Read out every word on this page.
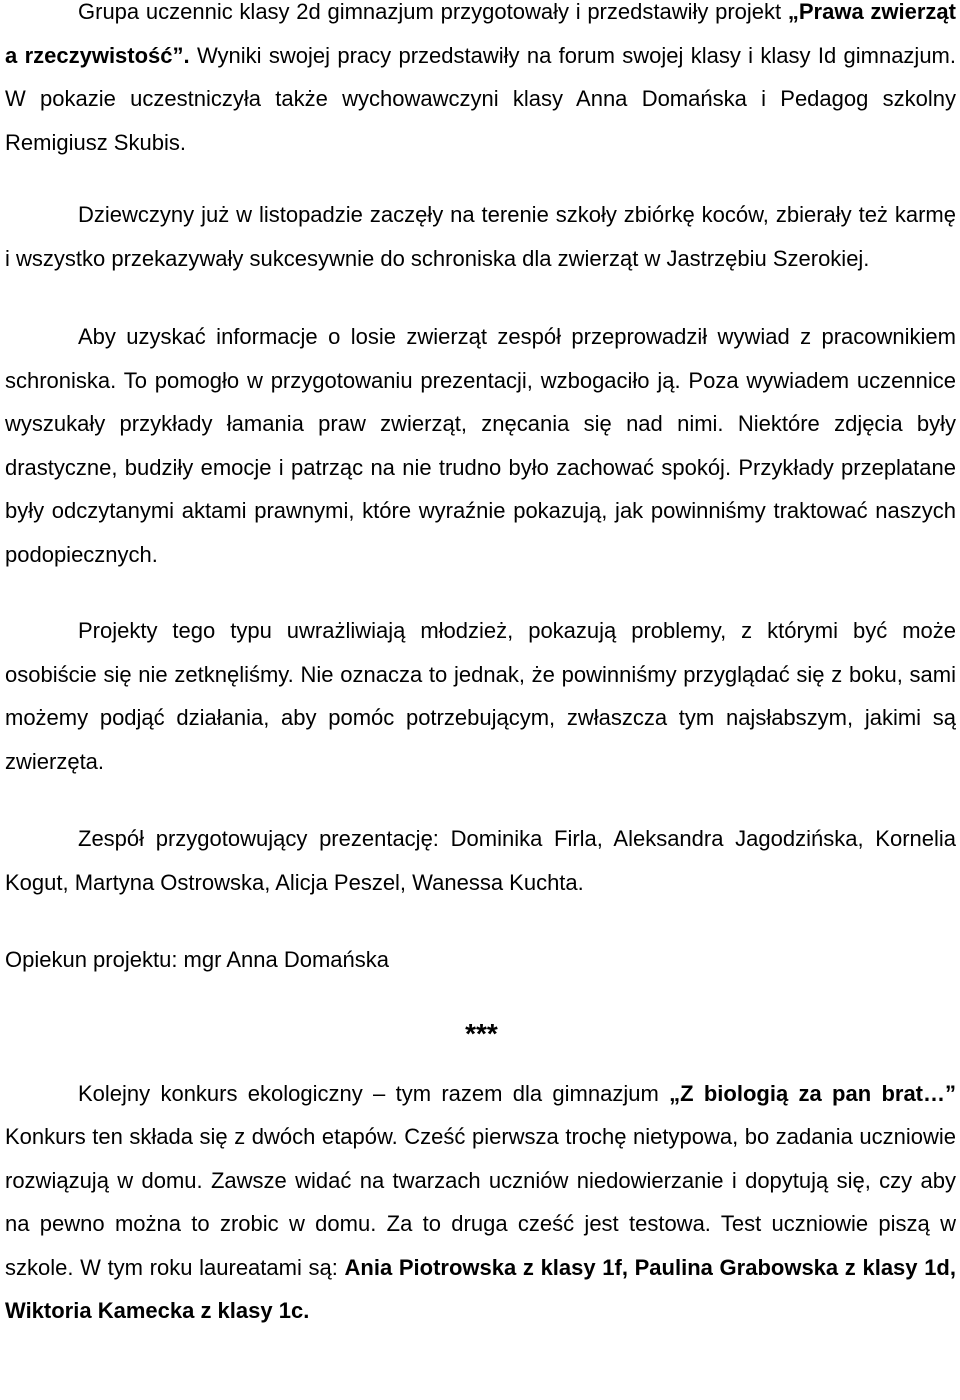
Grupa uczennic klasy 2d gimnazjum przygotowały i przedstawiły projekt „Prawa zwierząt a rzeczywistość”. Wyniki swojej pracy przedstawiły na forum swojej klasy i klasy Id gimnazjum. W pokazie uczestniczyła także wychowawczyni klasy Anna Domańska i Pedagog szkolny Remigiusz Skubis.

Dziewczyny już w listopadzie zaczęły na terenie szkoły zbiórkę koców, zbierały też karmę i wszystko przekazywały sukcesywnie do schroniska dla zwierząt w Jastrzębiu Szerokiej.

Aby uzyskać informacje o losie zwierząt zespół przeprowadził wywiad z pracownikiem schroniska. To pomogło w przygotowaniu prezentacji, wzbogaciło ją. Poza wywiadem uczennice wyszukały przykłady łamania praw zwierząt, znęcania się nad nimi. Niektóre zdjęcia były drastyczne, budziły emocje i patrząc na nie trudno było zachować spokój. Przykłady przeplatane były odczytanymi aktami prawnymi, które wyraźnie pokazują, jak powinniśmy traktować naszych podopiecznych.

Projekty tego typu uwrażliwiają młodzież, pokazują problemy, z którymi być może osobiście się nie zetknęliśmy. Nie oznacza to jednak, że powinniśmy przyglądać się z boku, sami możemy podjąć działania, aby pomóc potrzebującym, zwłaszcza tym najsłabszym, jakimi są zwierzęta.

Zespół przygotowujący prezentację: Dominika Firla, Aleksandra Jagodzińska, Kornelia Kogut, Martyna Ostrowska, Alicja Peszel, Wanessa Kuchta.

Opiekun projektu: mgr Anna Domańska

***

Kolejny konkurs ekologiczny – tym razem dla gimnazjum „Z biologią za pan brat…” Konkurs ten składa się z dwóch etapów. Cześć pierwsza trochę nietypowa, bo zadania uczniowie rozwiązują w domu. Zawsze widać na twarzach uczniów niedowierzanie i dopytują się, czy aby na pewno można to zrobic w domu. Za to druga cześć jest testowa. Test uczniowie piszą w szkole. W tym roku laureatami są: Ania Piotrowska z klasy 1f, Paulina Grabowska z klasy 1d, Wiktoria Kamecka z klasy 1c.
